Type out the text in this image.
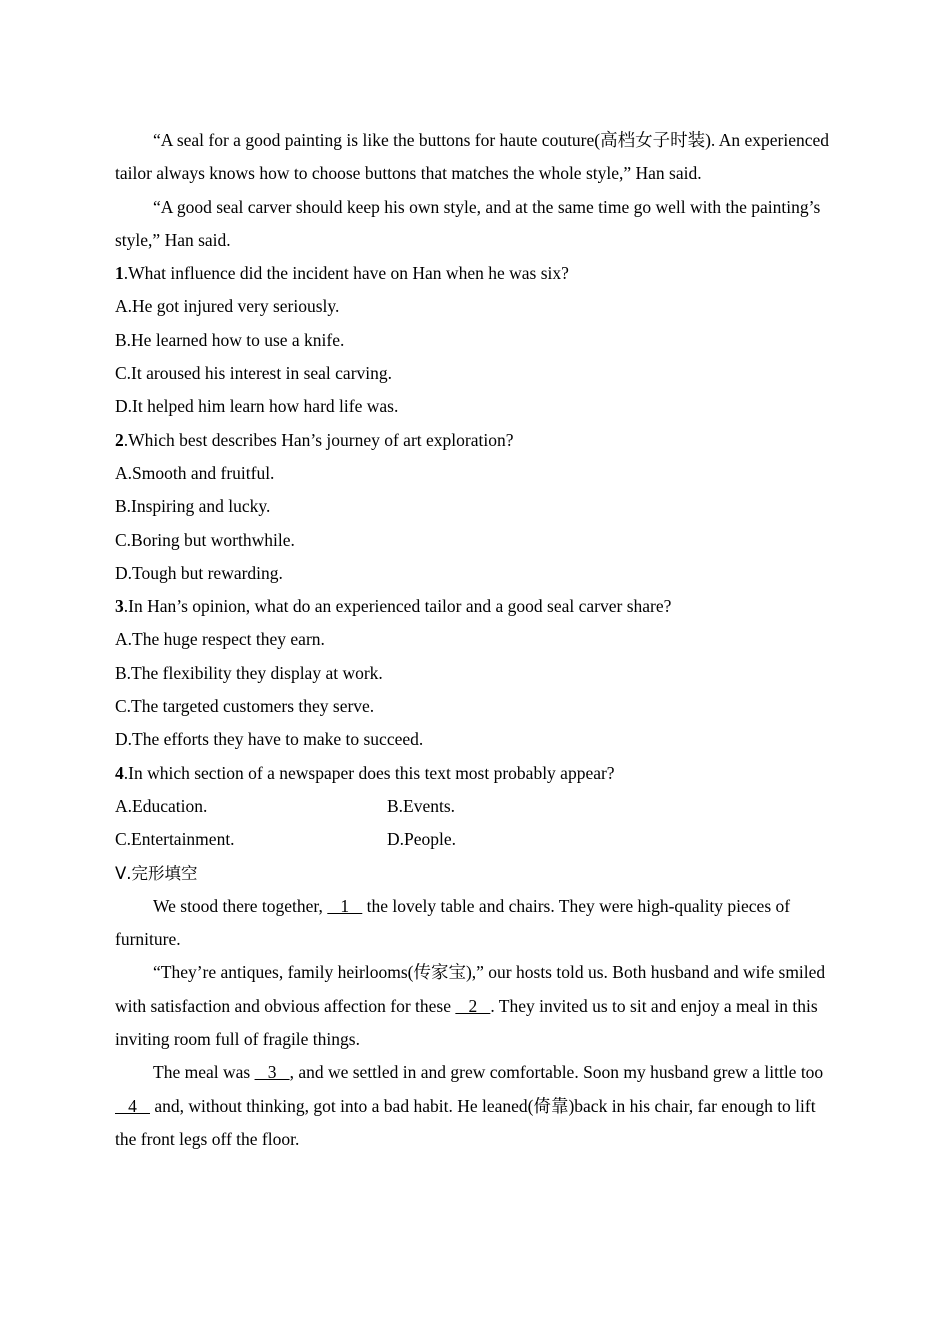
“A seal for a good painting is like the buttons for haute couture(高档女子时装). An experienced tailor always knows how to choose buttons that matches the whole style,” Han said.

“A good seal carver should keep his own style, and at the same time go well with the painting’s style,” Han said.

1.What influence did the incident have on Han when he was six?

A.He got injured very seriously.

B.He learned how to use a knife.

C.It aroused his interest in seal carving.

D.It helped him learn how hard life was.

2.Which best describes Han’s journey of art exploration?

A.Smooth and fruitful.

B.Inspiring and lucky.

C.Boring but worthwhile.

D.Tough but rewarding.

3.In Han’s opinion, what do an experienced tailor and a good seal carver share?

A.The huge respect they earn.

B.The flexibility they display at work.

C.The targeted customers they serve.

D.The efforts they have to make to succeed.

4.In which section of a newspaper does this text most probably appear?

A.Education.	B.Events.
C.Entertainment.	D.People.

Ⅴ.完形填空

We stood there together,    1    the lovely table and chairs. They were high-quality pieces of furniture.

“They’re antiques, family heirlooms(传家宝),” our hosts told us. Both husband and wife smiled with satisfaction and obvious affection for these    2   . They invited us to sit and enjoy a meal in this inviting room full of fragile things.

The meal was    3   , and we settled in and grew comfortable. Soon my husband grew a little too    4    and, without thinking, got into a bad habit. He leaned(倚靠)back in his chair, far enough to lift the front legs off the floor.
